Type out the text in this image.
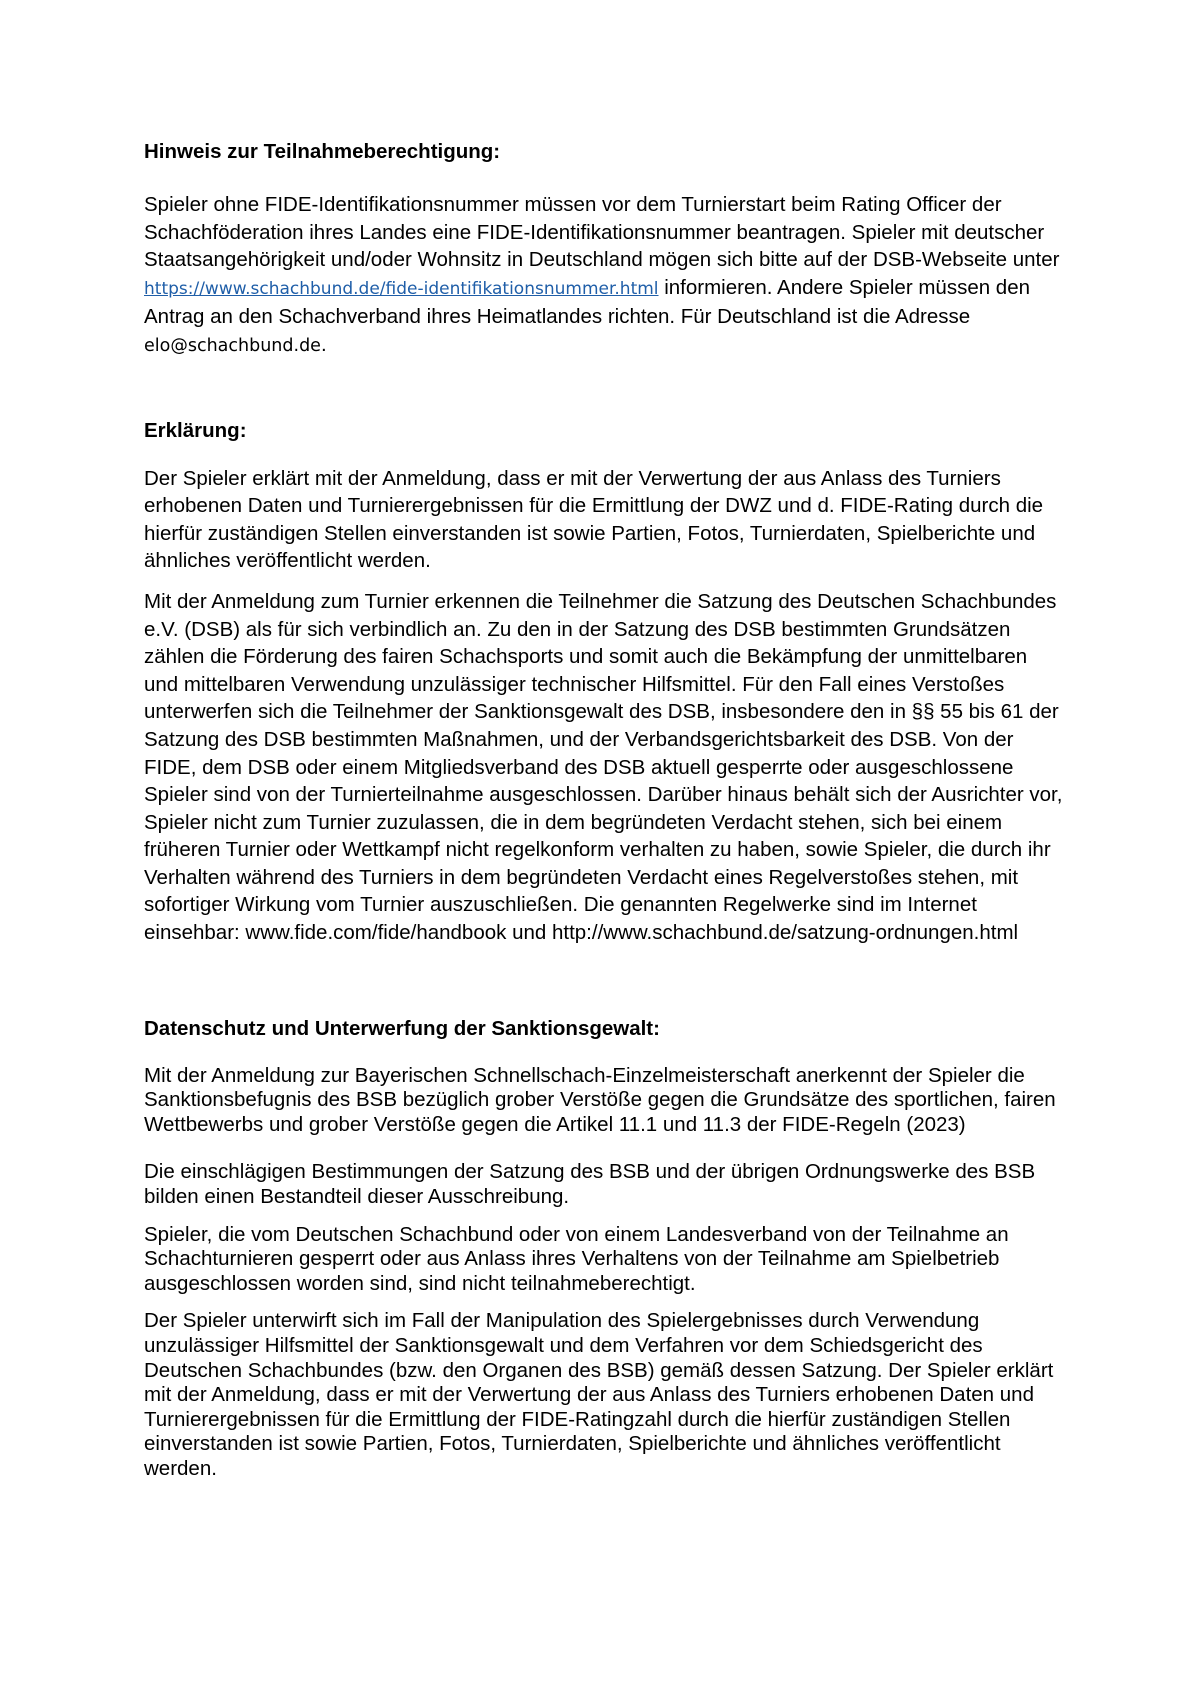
Hinweis zur Teilnahmeberechtigung:

Spieler ohne FIDE-Identifikationsnummer müssen vor dem Turnierstart beim Rating Officer der Schachföderation ihres Landes eine FIDE-Identifikationsnummer beantragen. Spieler mit deutscher Staatsangehörigkeit und/oder Wohnsitz in Deutschland mögen sich bitte auf der DSB-Webseite unter https://www.schachbund.de/fide-identifikationsnummer.html informieren. Andere Spieler müssen den Antrag an den Schachverband ihres Heimatlandes richten. Für Deutschland ist die Adresse elo@schachbund.de.

Erklärung:

Der Spieler erklärt mit der Anmeldung, dass er mit der Verwertung der aus Anlass des Turniers erhobenen Daten und Turnierergebnissen für die Ermittlung der DWZ und d. FIDE-Rating durch die hierfür zuständigen Stellen einverstanden ist sowie Partien, Fotos, Turnierdaten, Spielberichte und ähnliches veröffentlicht werden.

Mit der Anmeldung zum Turnier erkennen die Teilnehmer die Satzung des Deutschen Schachbundes e.V. (DSB) als für sich verbindlich an. Zu den in der Satzung des DSB bestimmten Grundsätzen zählen die Förderung des fairen Schachsports und somit auch die Bekämpfung der unmittelbaren und mittelbaren Verwendung unzulässiger technischer Hilfsmittel. Für den Fall eines Verstoßes unterwerfen sich die Teilnehmer der Sanktionsgewalt des DSB, insbesondere den in §§ 55 bis 61 der Satzung des DSB bestimmten Maßnahmen, und der Verbandsgerichtsbarkeit des DSB. Von der FIDE, dem DSB oder einem Mitgliedsverband des DSB aktuell gesperrte oder ausgeschlossene Spieler sind von der Turnierteilnahme ausgeschlossen. Darüber hinaus behält sich der Ausrichter vor, Spieler nicht zum Turnier zuzulassen, die in dem begründeten Verdacht stehen, sich bei einem früheren Turnier oder Wettkampf nicht regelkonform verhalten zu haben, sowie Spieler, die durch ihr Verhalten während des Turniers in dem begründeten Verdacht eines Regelverstoßes stehen, mit sofortiger Wirkung vom Turnier auszuschließen. Die genannten Regelwerke sind im Internet einsehbar: www.fide.com/fide/handbook und http://www.schachbund.de/satzung-ordnungen.html

Datenschutz und Unterwerfung der Sanktionsgewalt:

Mit der Anmeldung zur Bayerischen Schnellschach-Einzelmeisterschaft anerkennt der Spieler die Sanktionsbefugnis des BSB bezüglich grober Verstöße gegen die Grundsätze des sportlichen, fairen Wettbewerbs und grober Verstöße gegen die Artikel 11.1 und 11.3 der FIDE-Regeln (2023)

Die einschlägigen Bestimmungen der Satzung des BSB und der übrigen Ordnungswerke des BSB bilden einen Bestandteil dieser Ausschreibung.

Spieler, die vom Deutschen Schachbund oder von einem Landesverband von der Teilnahme an Schachturnieren gesperrt oder aus Anlass ihres Verhaltens von der Teilnahme am Spielbetrieb ausgeschlossen worden sind, sind nicht teilnahmeberechtigt.

Der Spieler unterwirft sich im Fall der Manipulation des Spielergebnisses durch Verwendung unzulässiger Hilfsmittel der Sanktionsgewalt und dem Verfahren vor dem Schiedsgericht des Deutschen Schachbundes (bzw. den Organen des BSB) gemäß dessen Satzung. Der Spieler erklärt mit der Anmeldung, dass er mit der Verwertung der aus Anlass des Turniers erhobenen Daten und Turnierergebnissen für die Ermittlung der FIDE-Ratingzahl durch die hierfür zuständigen Stellen einverstanden ist sowie Partien, Fotos, Turnierdaten, Spielberichte und ähnliches veröffentlicht werden.
